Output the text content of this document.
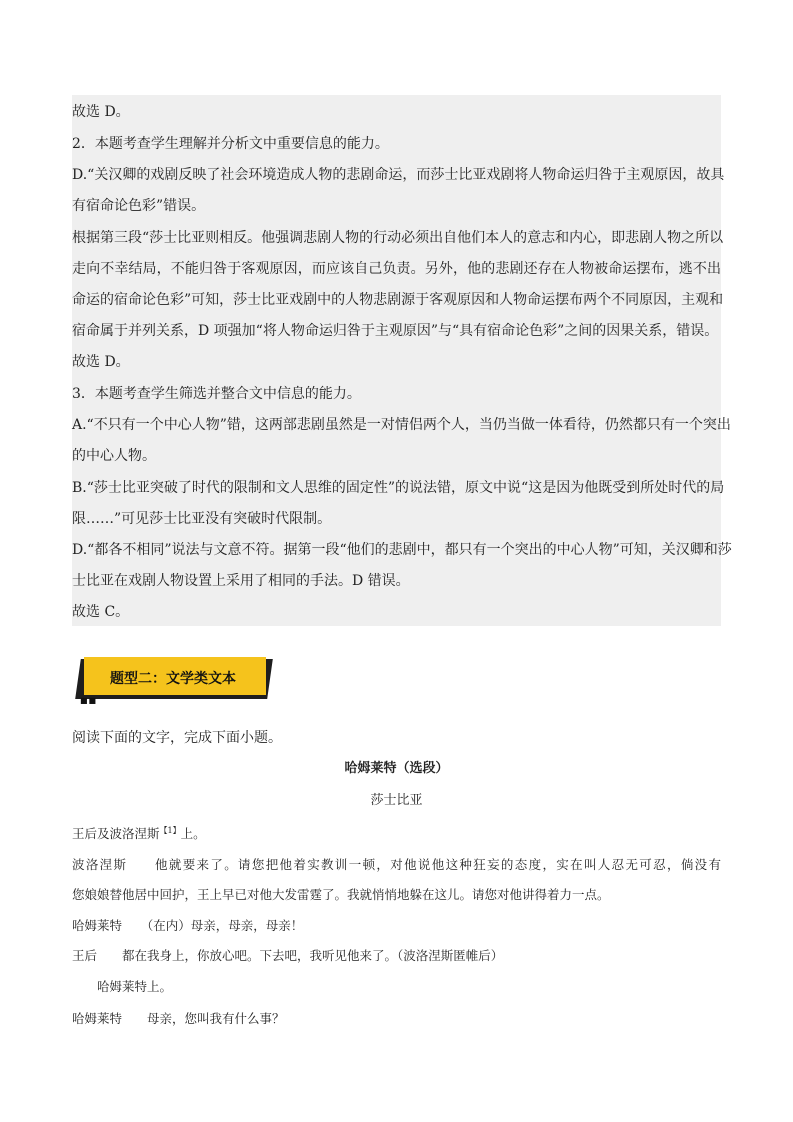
故选 D。
2．本题考查学生理解并分析文中重要信息的能力。
D.“关汉卿的戏剧反映了社会环境造成人物的悲剧命运，而莎士比亚戏剧将人物命运归咎于主观原因，故具
有宿命论色彩”错误。
根据第三段“莎士比亚则相反。他强调悲剧人物的行动必须出自他们本人的意志和内心，即悲剧人物之所以
走向不幸结局，不能归咎于客观原因，而应该自己负责。另外，他的悲剧还存在人物被命运摆布，逃不出
命运的宿命论色彩”可知，莎士比亚戏剧中的人物悲剧源于客观原因和人物命运摆布两个不同原因，主观和
宿命属于并列关系，D 项强加“将人物命运归咎于主观原因”与“具有宿命论色彩”之间的因果关系，错误。
故选 D。
3．本题考查学生筛选并整合文中信息的能力。
A.“不只有一个中心人物”错，这两部悲剧虽然是一对情侣两个人，当仍当做一体看待，仍然都只有一个突出
的中心人物。
B.“莎士比亚突破了时代的限制和文人思维的固定性”的说法错，原文中说“这是因为他既受到所处时代的局
限……”可见莎士比亚没有突破时代限制。
D.“都各不相同”说法与文意不符。据第一段“他们的悲剧中，都只有一个突出的中心人物”可知，关汉卿和莎
士比亚在戏剧人物设置上采用了相同的手法。D 错误。
故选 C。
题型二：文学类文本
■■
阅读下面的文字，完成下面小题。
哈姆莱特（选段）
莎士比亚
王后及波洛涅斯$^{【1】}$上。
波洛涅斯　　他就要来了。请您把他着实教训一顿，对他说他这种狂妄的态度，实在叫人忍无可忍，倘没有
您娘娘替他居中回护，王上早已对他大发雷霆了。我就悄悄地躲在这儿。请您对他讲得着力一点。
哈姆莱特　　（在内）母亲，母亲，母亲！
王后　　都在我身上，你放心吧。下去吧，我听见他来了。（波洛涅斯匿帷后）
　　哈姆莱特上。
哈姆莱特　　母亲，您叫我有什么事？
